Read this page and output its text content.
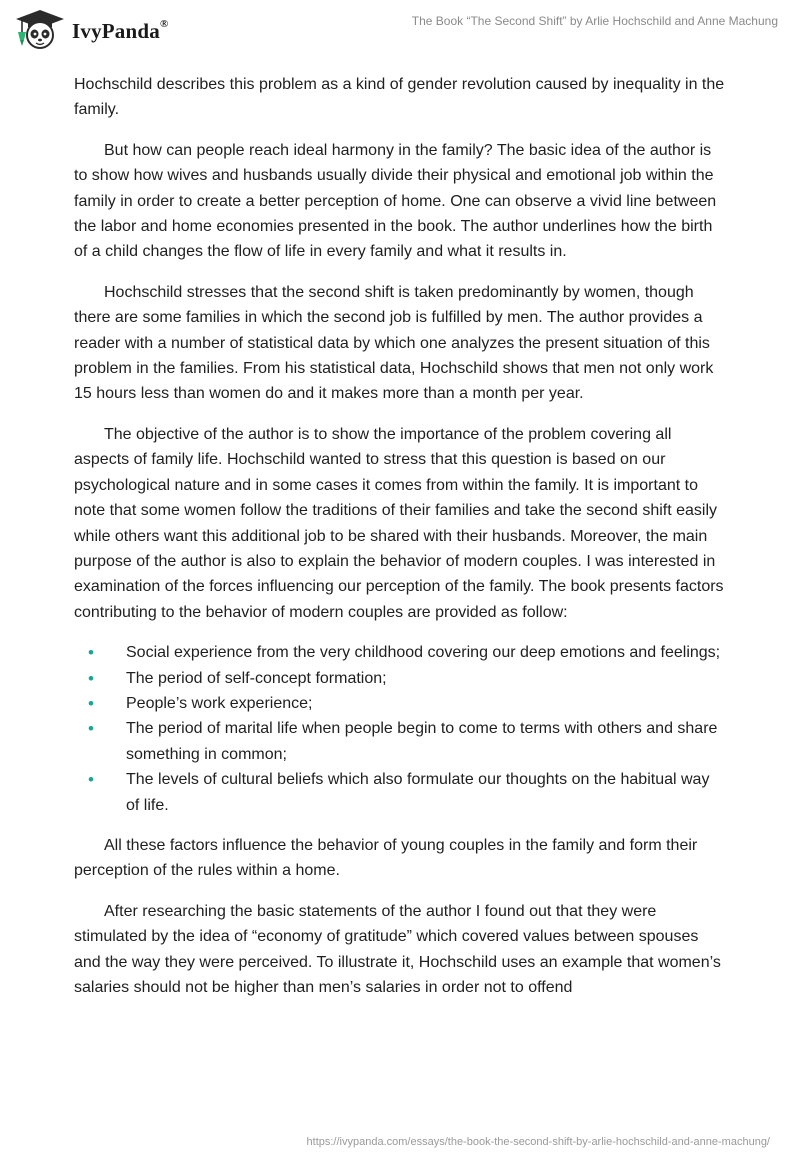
IvyPanda®	The Book “The Second Shift” by Arlie Hochschild and Anne Machung

Hochschild describes this problem as a kind of gender revolution caused by inequality in the family.

But how can people reach ideal harmony in the family? The basic idea of the author is to show how wives and husbands usually divide their physical and emotional job within the family in order to create a better perception of home. One can observe a vivid line between the labor and home economies presented in the book. The author underlines how the birth of a child changes the flow of life in every family and what it results in.

Hochschild stresses that the second shift is taken predominantly by women, though there are some families in which the second job is fulfilled by men. The author provides a reader with a number of statistical data by which one analyzes the present situation of this problem in the families. From his statistical data, Hochschild shows that men not only work 15 hours less than women do and it makes more than a month per year.

The objective of the author is to show the importance of the problem covering all aspects of family life. Hochschild wanted to stress that this question is based on our psychological nature and in some cases it comes from within the family. It is important to note that some women follow the traditions of their families and take the second shift easily while others want this additional job to be shared with their husbands. Moreover, the main purpose of the author is also to explain the behavior of modern couples. I was interested in examination of the forces influencing our perception of the family. The book presents factors contributing to the behavior of modern couples are provided as follow:

• Social experience from the very childhood covering our deep emotions and feelings;
• The period of self-concept formation;
• People’s work experience;
• The period of marital life when people begin to come to terms with others and share something in common;
• The levels of cultural beliefs which also formulate our thoughts on the habitual way of life.

All these factors influence the behavior of young couples in the family and form their perception of the rules within a home.

After researching the basic statements of the author I found out that they were stimulated by the idea of “economy of gratitude” which covered values between spouses and the way they were perceived. To illustrate it, Hochschild uses an example that women’s salaries should not be higher than men’s salaries in order not to offend

https://ivypanda.com/essays/the-book-the-second-shift-by-arlie-hochschild-and-anne-machung/
